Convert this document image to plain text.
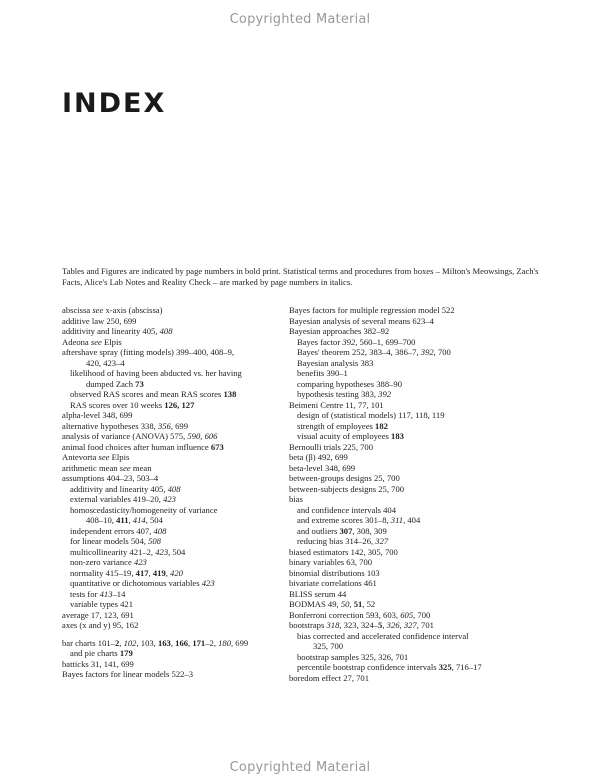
Copyrighted Material
INDEX
Tables and Figures are indicated by page numbers in bold print. Statistical terms and procedures from boxes – Milton's Meowsings, Zach's Facts, Alice's Lab Notes and Reality Check – are marked by page numbers in italics.
abscissa see x-axis (abscissa)
additive law 250, 699
additivity and linearity 405, 408
Adeona see Elpis
aftershave spray (fitting models) 399–400, 408–9,
420, 423–4
likelihood of having been abducted vs. her having
dumped Zach 73
observed RAS scores and mean RAS scores 138
RAS scores over 10 weeks 126, 127
alpha-level 348, 699
alternative hypotheses 338, 356, 699
analysis of variance (ANOVA) 575, 590, 606
animal food choices after human influence 673
Antevorta see Elpis
arithmetic mean see mean
assumptions 404–23, 503–4
additivity and linearity 405, 408
external variables 419–20, 423
homoscedasticity/homogeneity of variance
408–10, 411, 414, 504
independent errors 407, 408
for linear models 504, 508
multicollinearity 421–2, 423, 504
non-zero variance 423
normality 415–19, 417, 419, 420
quantitative or dichotomous variables 423
tests for 413–14
variable types 421
average 17, 123, 691
axes (x and y) 95, 162
bar charts 101–2, 102, 103, 163, 166, 171–2, 180, 699
and pie charts 179
batticks 31, 141, 699
Bayes factors for linear models 522–3
Bayes factors for multiple regression model 522
Bayesian analysis of several means 623–4
Bayesian approaches 382–92
Bayes factor 392, 560–1, 699–700
Bayes' theorem 252, 383–4, 386–7, 392, 700
Bayesian analysis 383
benefits 390–1
comparing hypotheses 388–90
hypothesis testing 383, 392
Beimeni Centre 11, 77, 101
design of (statistical models) 117, 118, 119
strength of employees 182
visual acuity of employees 183
Bernoulli trials 225, 700
beta (β) 492, 699
beta-level 348, 699
between-groups designs 25, 700
between-subjects designs 25, 700
bias
and confidence intervals 404
and extreme scores 301–8, 311, 404
and outliers 307, 308, 309
reducing bias 314–26, 327
biased estimators 142, 305, 700
binary variables 63, 700
binomial distributions 103
bivariate correlations 461
BLISS serum 44
BODMAS 49, 50, 51, 52
Bonferroni correction 593, 603, 605, 700
bootstraps 318, 323, 324–5, 326, 327, 701
bias corrected and accelerated confidence interval
325, 700
bootstrap samples 325, 326, 701
percentile bootstrap confidence intervals 325, 716–17
boredom effect 27, 701
Copyrighted Material
